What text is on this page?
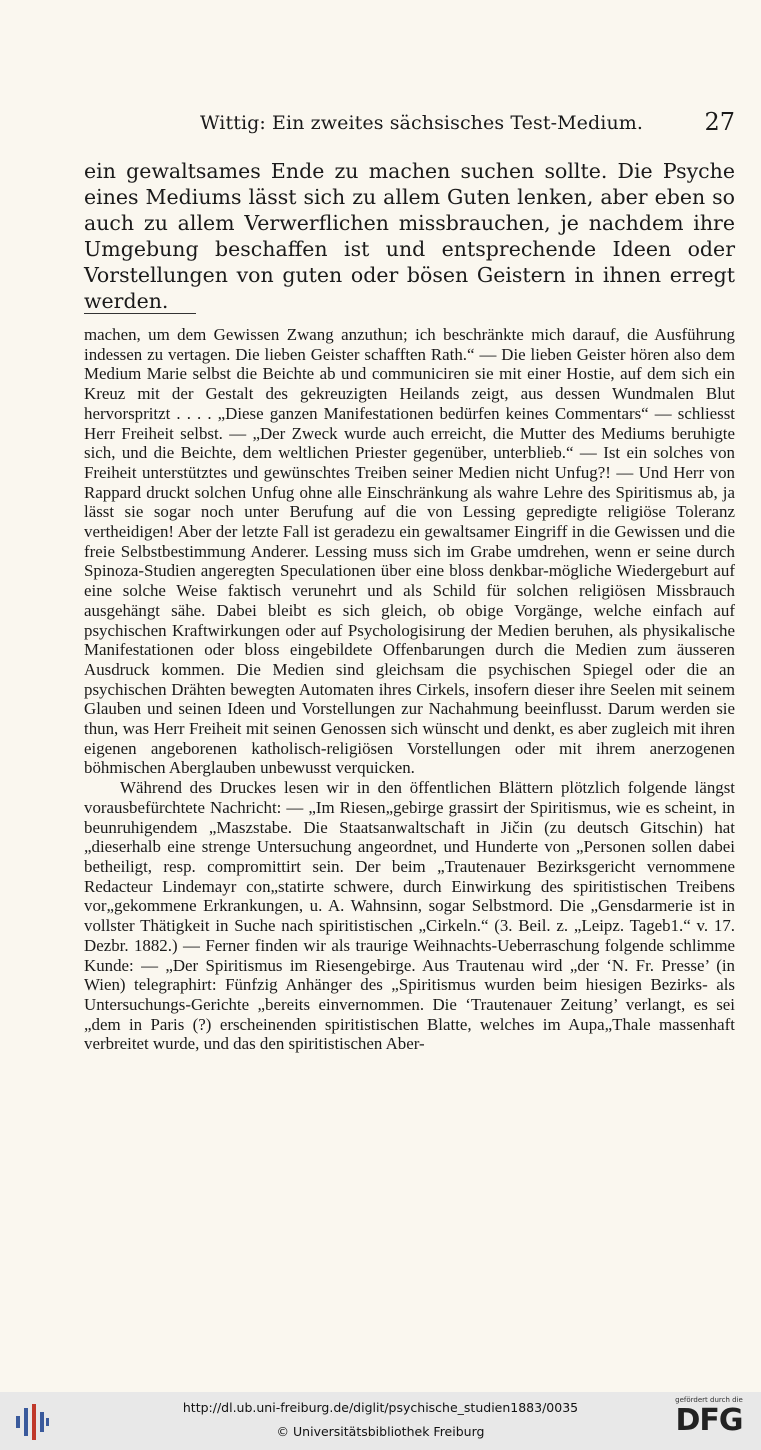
Wittig: Ein zweites sächsisches Test-Medium.	27

ein gewaltsames Ende zu machen suchen sollte. Die Psyche eines Mediums lässt sich zu allem Guten lenken, aber eben so auch zu allem Verwerflichen missbrauchen, je nachdem ihre Umgebung beschaffen ist und entsprechende Ideen oder Vorstellungen von guten oder bösen Geistern in ihnen erregt werden.

machen, um dem Gewissen Zwang anzuthun; ich beschränkte mich darauf, die Ausführung indessen zu vertagen. Die lieben Geister schafften Rath.“ — Die lieben Geister hören also dem Medium Marie selbst die Beichte ab und communiciren sie mit einer Hostie, auf dem sich ein Kreuz mit der Gestalt des gekreuzigten Heilands zeigt, aus dessen Wundmalen Blut hervorspritzt . . . . „Diese ganzen Manifestationen bedürfen keines Commentars“ — schliesst Herr Freiheit selbst. — „Der Zweck wurde auch erreicht, die Mutter des Mediums beruhigte sich, und die Beichte, dem weltlichen Priester gegenüber, unterblieb.“ — Ist ein solches von Freiheit unterstütztes und gewünschtes Treiben seiner Medien nicht Unfug?! — Und Herr von Rappard druckt solchen Unfug ohne alle Einschränkung als wahre Lehre des Spiritismus ab, ja lässt sie sogar noch unter Berufung auf die von Lessing gepredigte religiöse Toleranz vertheidigen! Aber der letzte Fall ist geradezu ein gewaltsamer Eingriff in die Gewissen und die freie Selbstbestimmung Anderer. Lessing muss sich im Grabe umdrehen, wenn er seine durch Spinoza-Studien angeregten Speculationen über eine bloss denkbar-mögliche Wiedergeburt auf eine solche Weise faktisch verunehrt und als Schild für solchen religiösen Missbrauch ausgehängt sähe. Dabei bleibt es sich gleich, ob obige Vorgänge, welche einfach auf psychischen Kraftwirkungen oder auf Psychologisirung der Medien beruhen, als physikalische Manifestationen oder bloss eingebildete Offenbarungen durch die Medien zum äusseren Ausdruck kommen. Die Medien sind gleichsam die psychischen Spiegel oder die an psychischen Drähten bewegten Automaten ihres Cirkels, insofern dieser ihre Seelen mit seinem Glauben und seinen Ideen und Vorstellungen zur Nachahmung beeinflusst. Darum werden sie thun, was Herr Freiheit mit seinen Genossen sich wünscht und denkt, es aber zugleich mit ihren eigenen angeborenen katholisch-religiösen Vorstellungen oder mit ihrem anerzogenen böhmischen Aberglauben unbewusst verquicken.

Während des Druckes lesen wir in den öffentlichen Blättern plötzlich folgende längst vorausbefürchtete Nachricht: — „Im Riesen„gebirge grassirt der Spiritismus, wie es scheint, in beunruhigendem „Maszstabe. Die Staatsanwaltschaft in Jičin (zu deutsch Gitschin) hat „dieserhalb eine strenge Untersuchung angeordnet, und Hunderte von „Personen sollen dabei betheiligt, resp. compromittirt sein. Der beim „Trautenauer Bezirksgericht vernommene Redacteur Lindemayr con„statirte schwere, durch Einwirkung des spiritistischen Treibens vor„gekommene Erkrankungen, u. A. Wahnsinn, sogar Selbstmord. Die „Gensdarmerie ist in vollster Thätigkeit in Suche nach spiritistischen „Cirkeln.“ (3. Beil. z. „Leipz. Tageb1.“ v. 17. Dezbr. 1882.) — Ferner finden wir als traurige Weihnachts-Ueberraschung folgende schlimme Kunde: — „Der Spiritismus im Riesengebirge. Aus Trautenau wird „der ‘N. Fr. Presse’ (in Wien) telegraphirt: Fünfzig Anhänger des „Spiritismus wurden beim hiesigen Bezirks- als Untersuchungs-Gerichte „bereits einvernommen. Die ‘Trautenauer Zeitung’ verlangt, es sei „dem in Paris (?) erscheinenden spiritistischen Blatte, welches im Aupa„Thale massenhaft verbreitet wurde, und das den spiritistischen Aber-

http://dl.ub.uni-freiburg.de/diglit/psychische_studien1883/0035
© Universitätsbibliothek Freiburg
gefördert durch die
DFG
